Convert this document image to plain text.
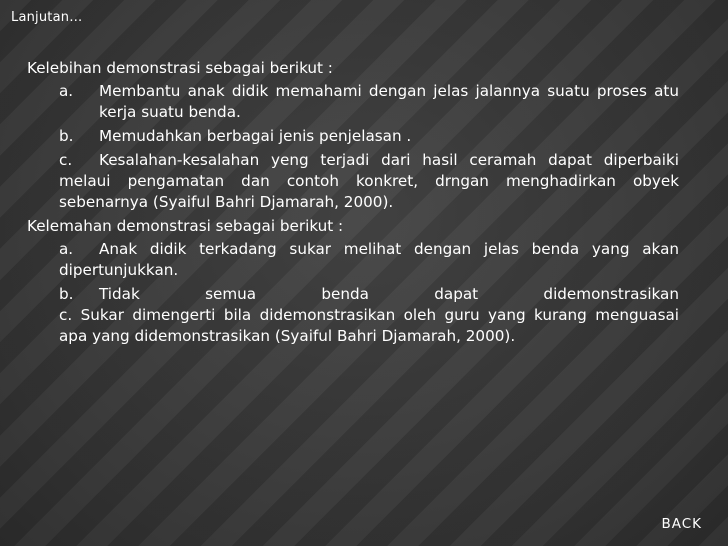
Lanjutan…
Kelebihan demonstrasi sebagai berikut :
a. Membantu anak didik memahami dengan jelas jalannya suatu proses atu kerja suatu benda.
b. Memudahkan berbagai jenis penjelasan .
c. Kesalahan-kesalahan yeng terjadi dari hasil ceramah dapat diperbaiki melaui pengamatan dan contoh konkret, drngan menghadirkan obyek sebenarnya (Syaiful Bahri Djamarah, 2000).
Kelemahan demonstrasi sebagai berikut :
a. Anak didik terkadang sukar melihat dengan jelas benda yang akan dipertunjukkan.
b. Tidak semua benda dapat didemonstrasikan
c. Sukar dimengerti bila didemonstrasikan oleh guru yang kurang menguasai apa yang didemonstrasikan (Syaiful Bahri Djamarah, 2000).
BACK
